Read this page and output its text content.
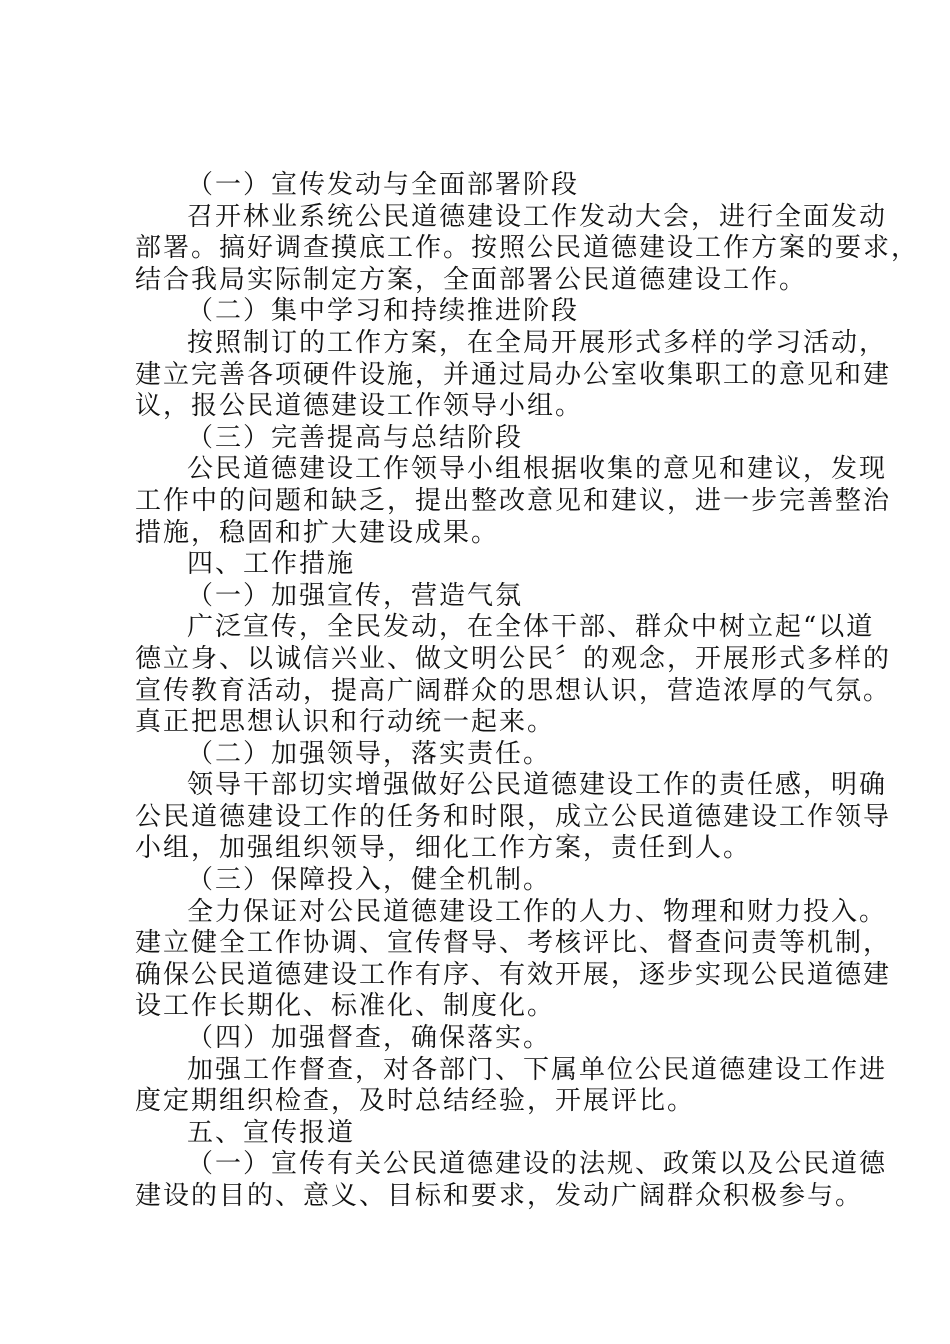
（一）宣传发动与全面部署阶段
召开林业系统公民道德建设工作发动大会，进行全面发动
部署。搞好调查摸底工作。按照公民道德建设工作方案的要求，
结合我局实际制定方案，全面部署公民道德建设工作。
（二）集中学习和持续推进阶段
按照制订的工作方案，在全局开展形式多样的学习活动，
建立完善各项硬件设施，并通过局办公室收集职工的意见和建
议，报公民道德建设工作领导小组。
（三）完善提高与总结阶段
公民道德建设工作领导小组根据收集的意见和建议，发现
工作中的问题和缺乏，提出整改意见和建议，进一步完善整治
措施，稳固和扩大建设成果。
四、工作措施
（一）加强宣传，营造气氛
广泛宣传，全民发动，在全体干部、群众中树立起“以道
德立身、以诚信兴业、做文明公民〞的观念，开展形式多样的
宣传教育活动，提高广阔群众的思想认识，营造浓厚的气氛。
真正把思想认识和行动统一起来。
（二）加强领导，落实责任。
领导干部切实增强做好公民道德建设工作的责任感，明确
公民道德建设工作的任务和时限，成立公民道德建设工作领导
小组，加强组织领导，细化工作方案，责任到人。
（三）保障投入，健全机制。
全力保证对公民道德建设工作的人力、物理和财力投入。
建立健全工作协调、宣传督导、考核评比、督查问责等机制，
确保公民道德建设工作有序、有效开展，逐步实现公民道德建
设工作长期化、标准化、制度化。
（四）加强督查，确保落实。
加强工作督查，对各部门、下属单位公民道德建设工作进
度定期组织检查，及时总结经验，开展评比。
五、宣传报道
（一）宣传有关公民道德建设的法规、政策以及公民道德
建设的目的、意义、目标和要求，发动广阔群众积极参与。
